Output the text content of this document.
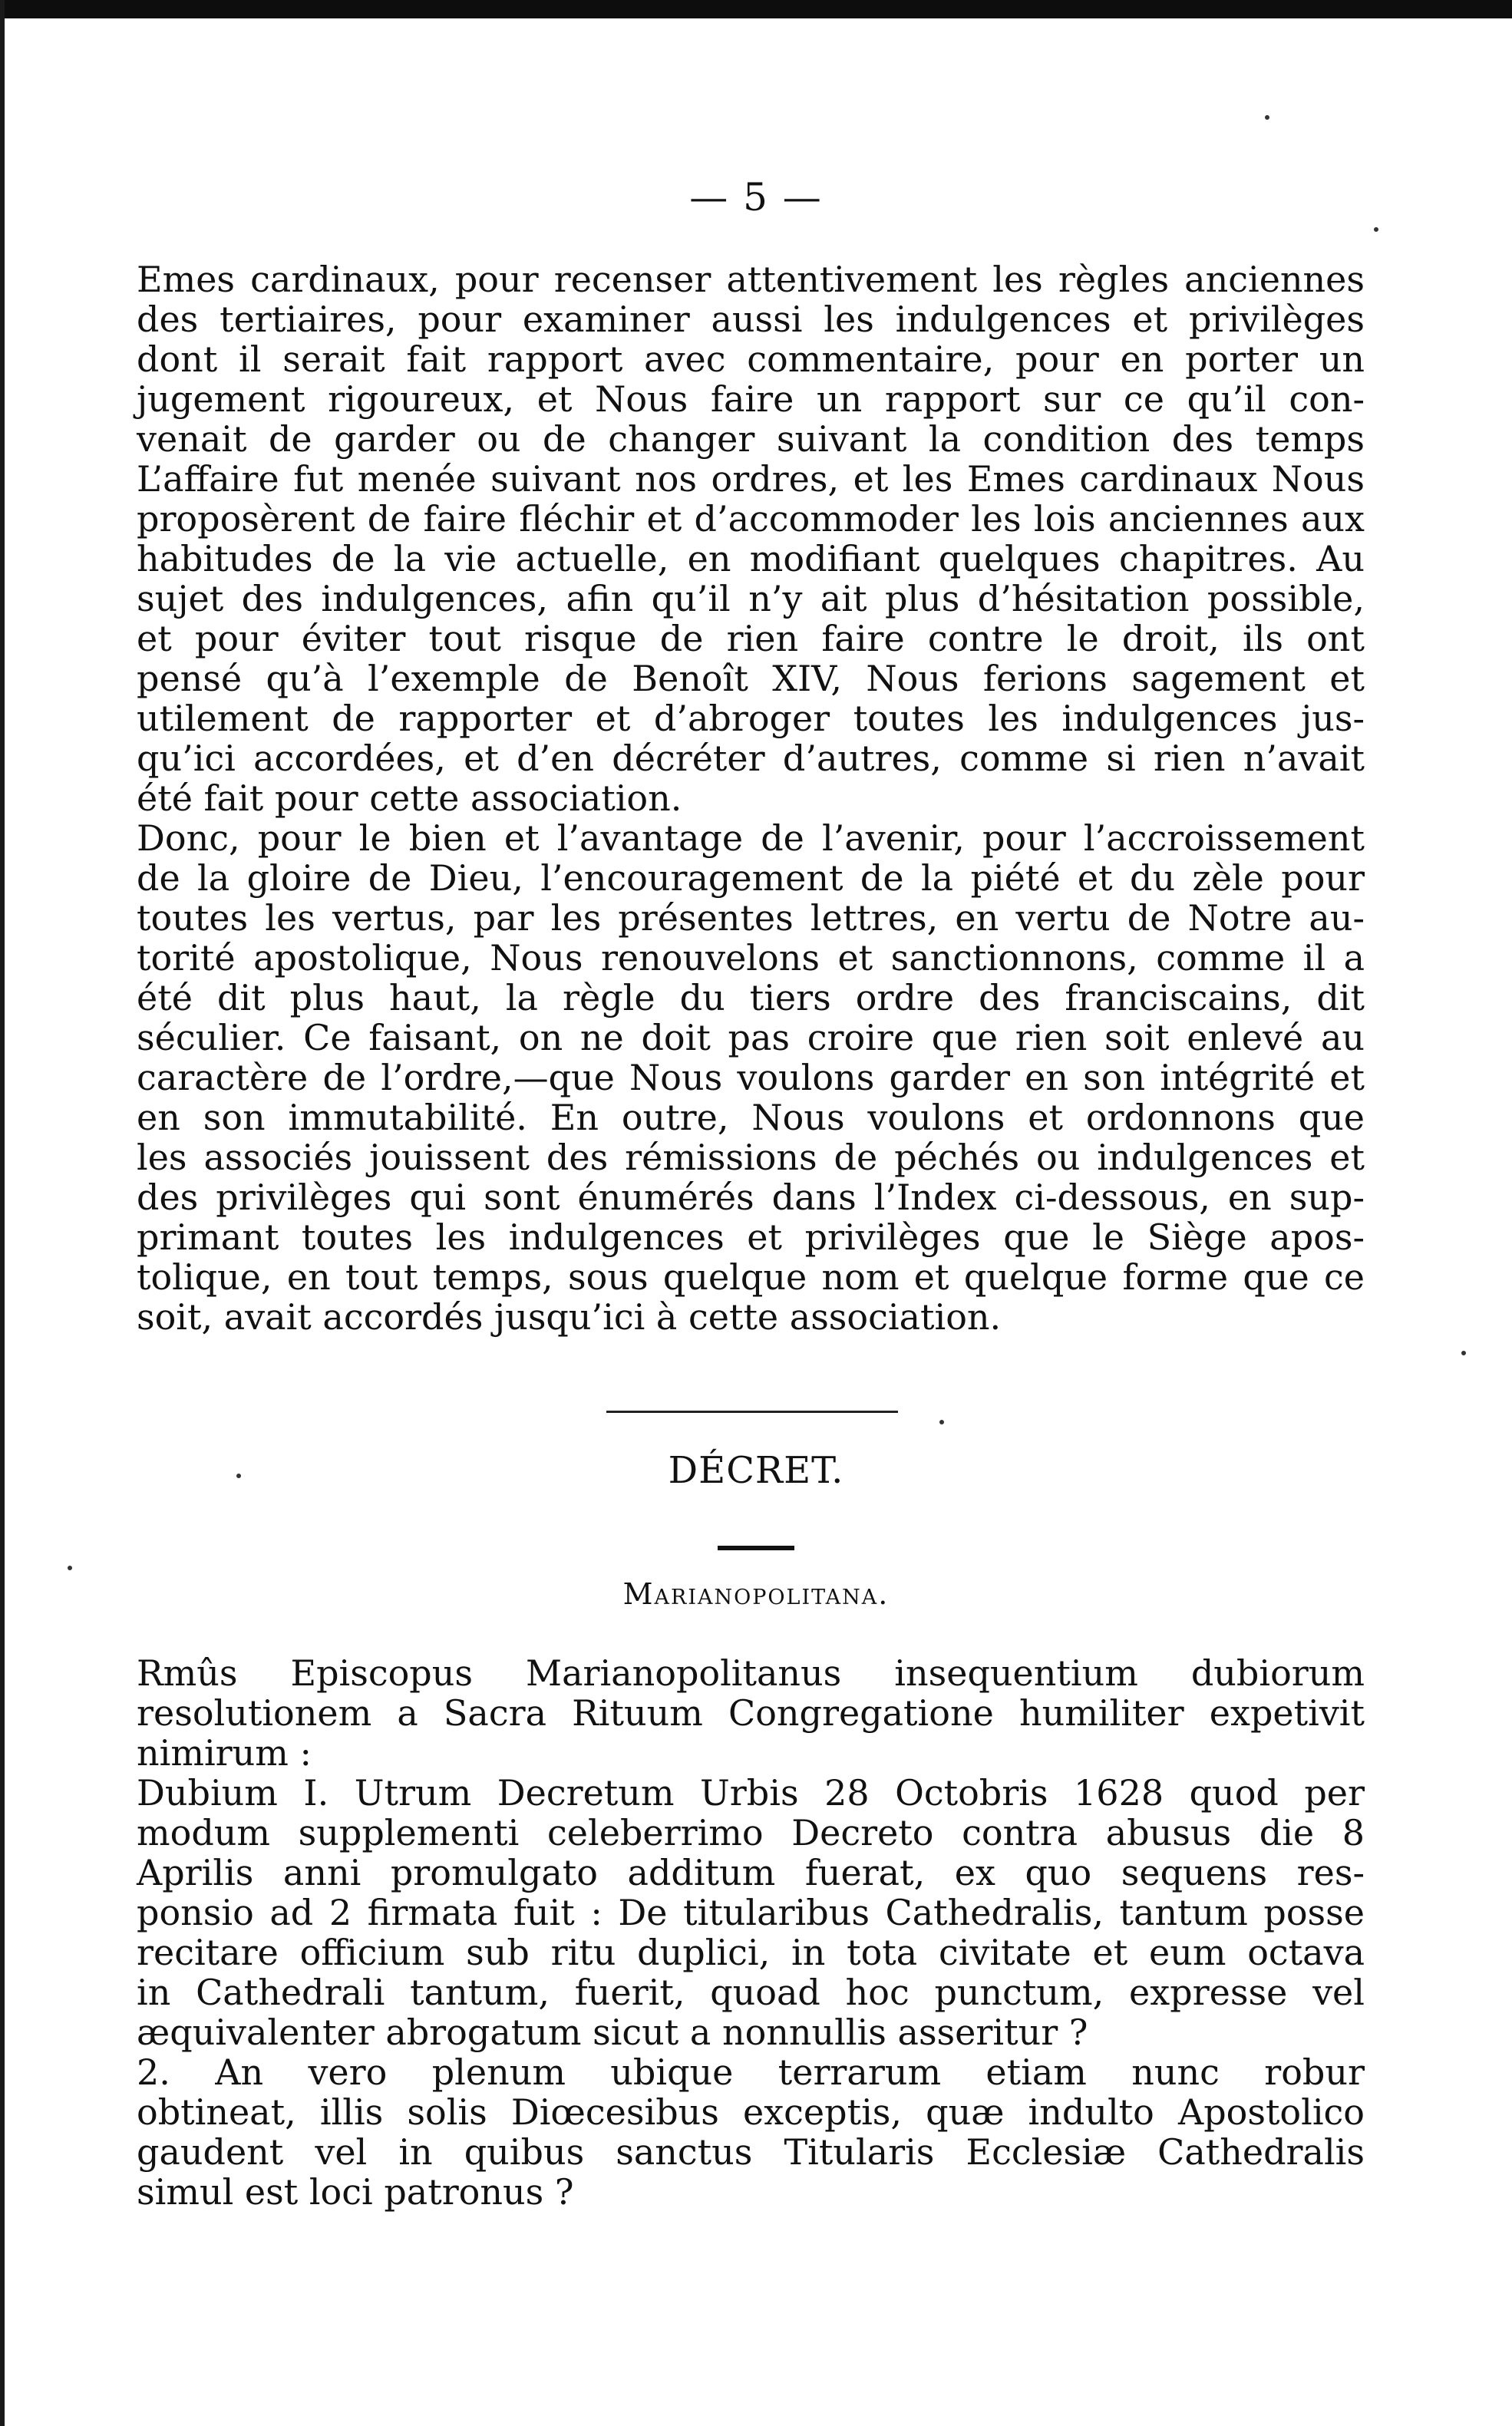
— 5 —
Emes cardinaux, pour recenser attentivement les règles anciennes
des tertiaires, pour examiner aussi les indulgences et privilèges
dont il serait fait rapport avec commentaire, pour en porter un
jugement rigoureux, et Nous faire un rapport sur ce qu’il con-
venait de garder ou de changer suivant la condition des temps
L’affaire fut menée suivant nos ordres, et les Emes cardinaux Nous
proposèrent de faire fléchir et d’accommoder les lois anciennes aux
habitudes de la vie actuelle, en modifiant quelques chapitres. Au
sujet des indulgences, afin qu’il n’y ait plus d’hésitation possible,
et pour éviter tout risque de rien faire contre le droit, ils ont
pensé qu’à l’exemple de Benoît XIV, Nous ferions sagement et
utilement de rapporter et d’abroger toutes les indulgences jus-
qu’ici accordées, et d’en décréter d’autres, comme si rien n’avait
été fait pour cette association.
Donc, pour le bien et l’avantage de l’avenir, pour l’accroissement
de la gloire de Dieu, l’encouragement de la piété et du zèle pour
toutes les vertus, par les présentes lettres, en vertu de Notre au-
torité apostolique, Nous renouvelons et sanctionnons, comme il a
été dit plus haut, la règle du tiers ordre des franciscains, dit
séculier. Ce faisant, on ne doit pas croire que rien soit enlevé au
caractère de l’ordre,—que Nous voulons garder en son intégrité et
en son immutabilité. En outre, Nous voulons et ordonnons que
les associés jouissent des rémissions de péchés ou indulgences et
des privilèges qui sont énumérés dans l’Index ci-dessous, en sup-
primant toutes les indulgences et privilèges que le Siège apos-
tolique, en tout temps, sous quelque nom et quelque forme que ce
soit, avait accordés jusqu’ici à cette association.
DÉCRET.
Marianopolitana.
Rmûs Episcopus Marianopolitanus insequentium dubiorum
resolutionem a Sacra Rituum Congregatione humiliter expetivit
nimirum :
Dubium I. Utrum Decretum Urbis 28 Octobris 1628 quod per
modum supplementi celeberrimo Decreto contra abusus die 8
Aprilis anni promulgato additum fuerat, ex quo sequens res-
ponsio ad 2 firmata fuit : De titularibus Cathedralis, tantum posse
recitare officium sub ritu duplici, in tota civitate et eum octava
in Cathedrali tantum, fuerit, quoad hoc punctum, expresse vel
æquivalenter abrogatum sicut a nonnullis asseritur ?
2. An vero plenum ubique terrarum etiam nunc robur
obtineat, illis solis Diœcesibus exceptis, quæ indulto Apostolico
gaudent vel in quibus sanctus Titularis Ecclesiæ Cathedralis
simul est loci patronus ?
